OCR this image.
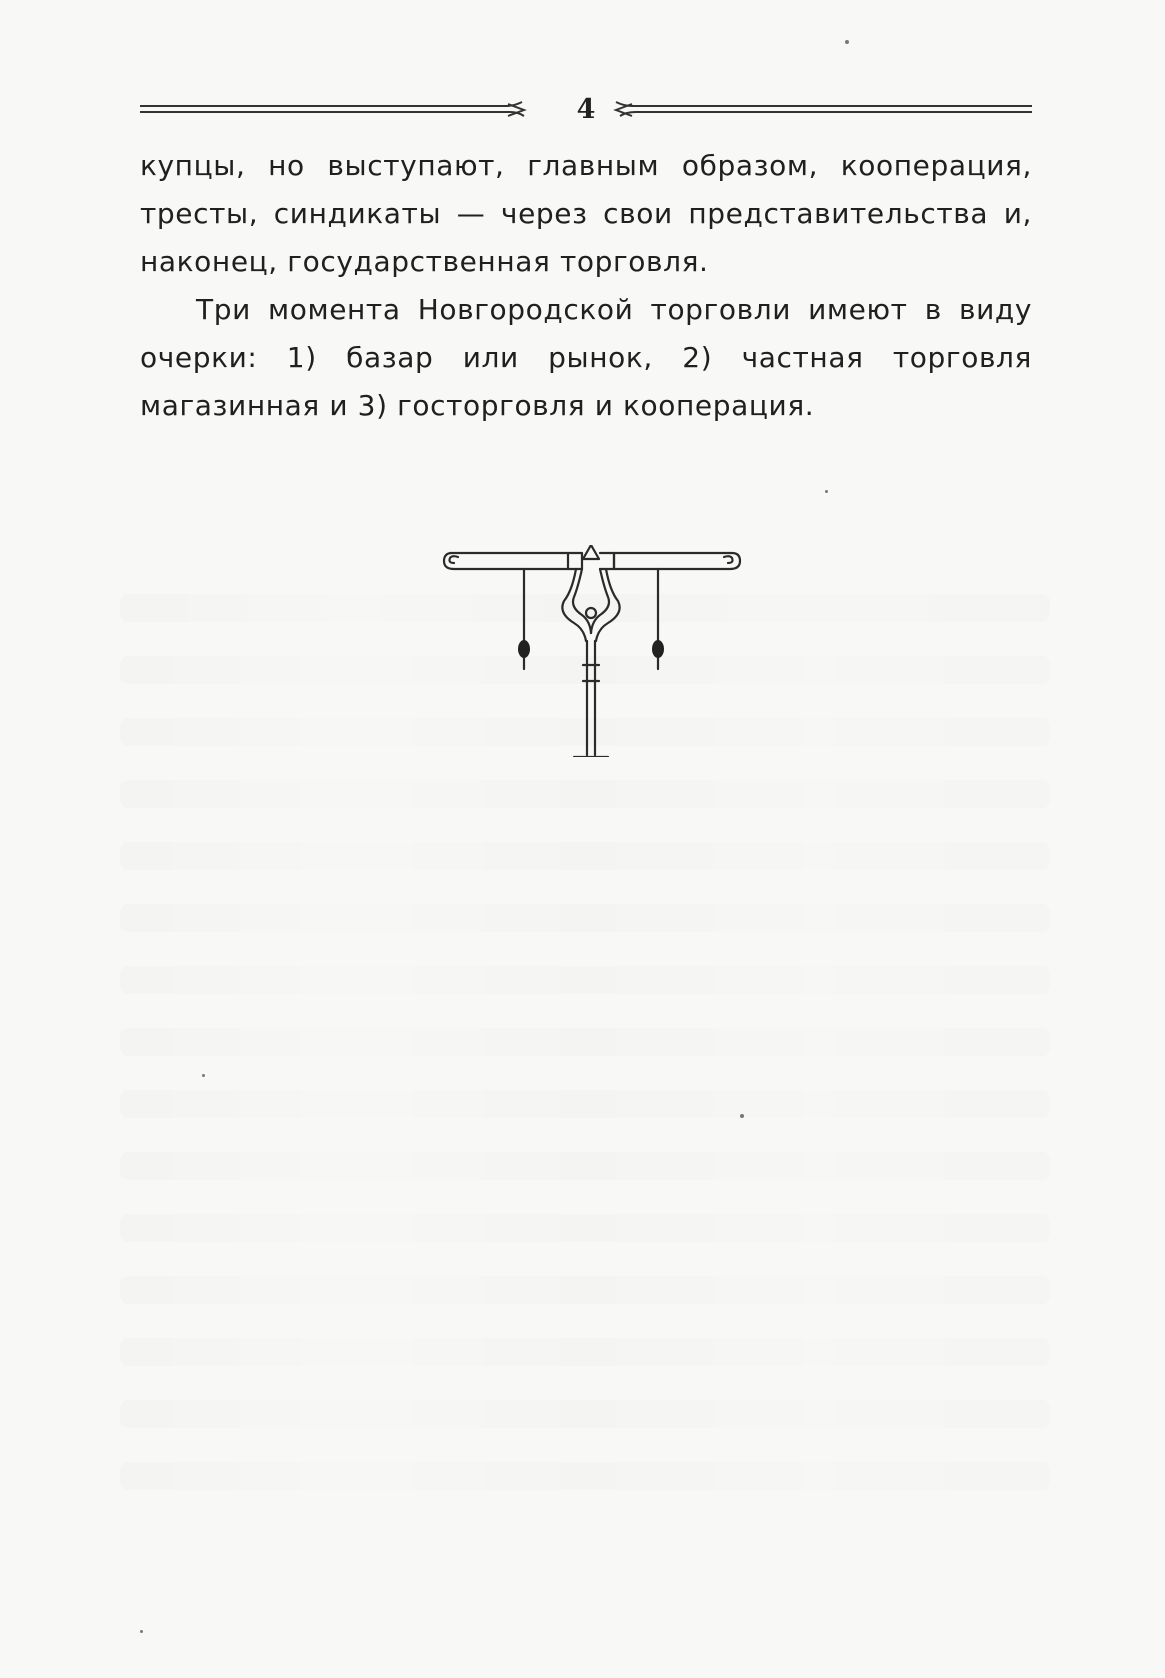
4
купцы, но выступают, главным образом, кооперация,
тресты, синдикаты — через свои представительства и,
наконец, государственная торговля.
Три момента Новгородской торговли имеют в виду
очерки: 1) базар или рынок, 2) частная торговля
магазинная и 3) госторговля и кооперация.
